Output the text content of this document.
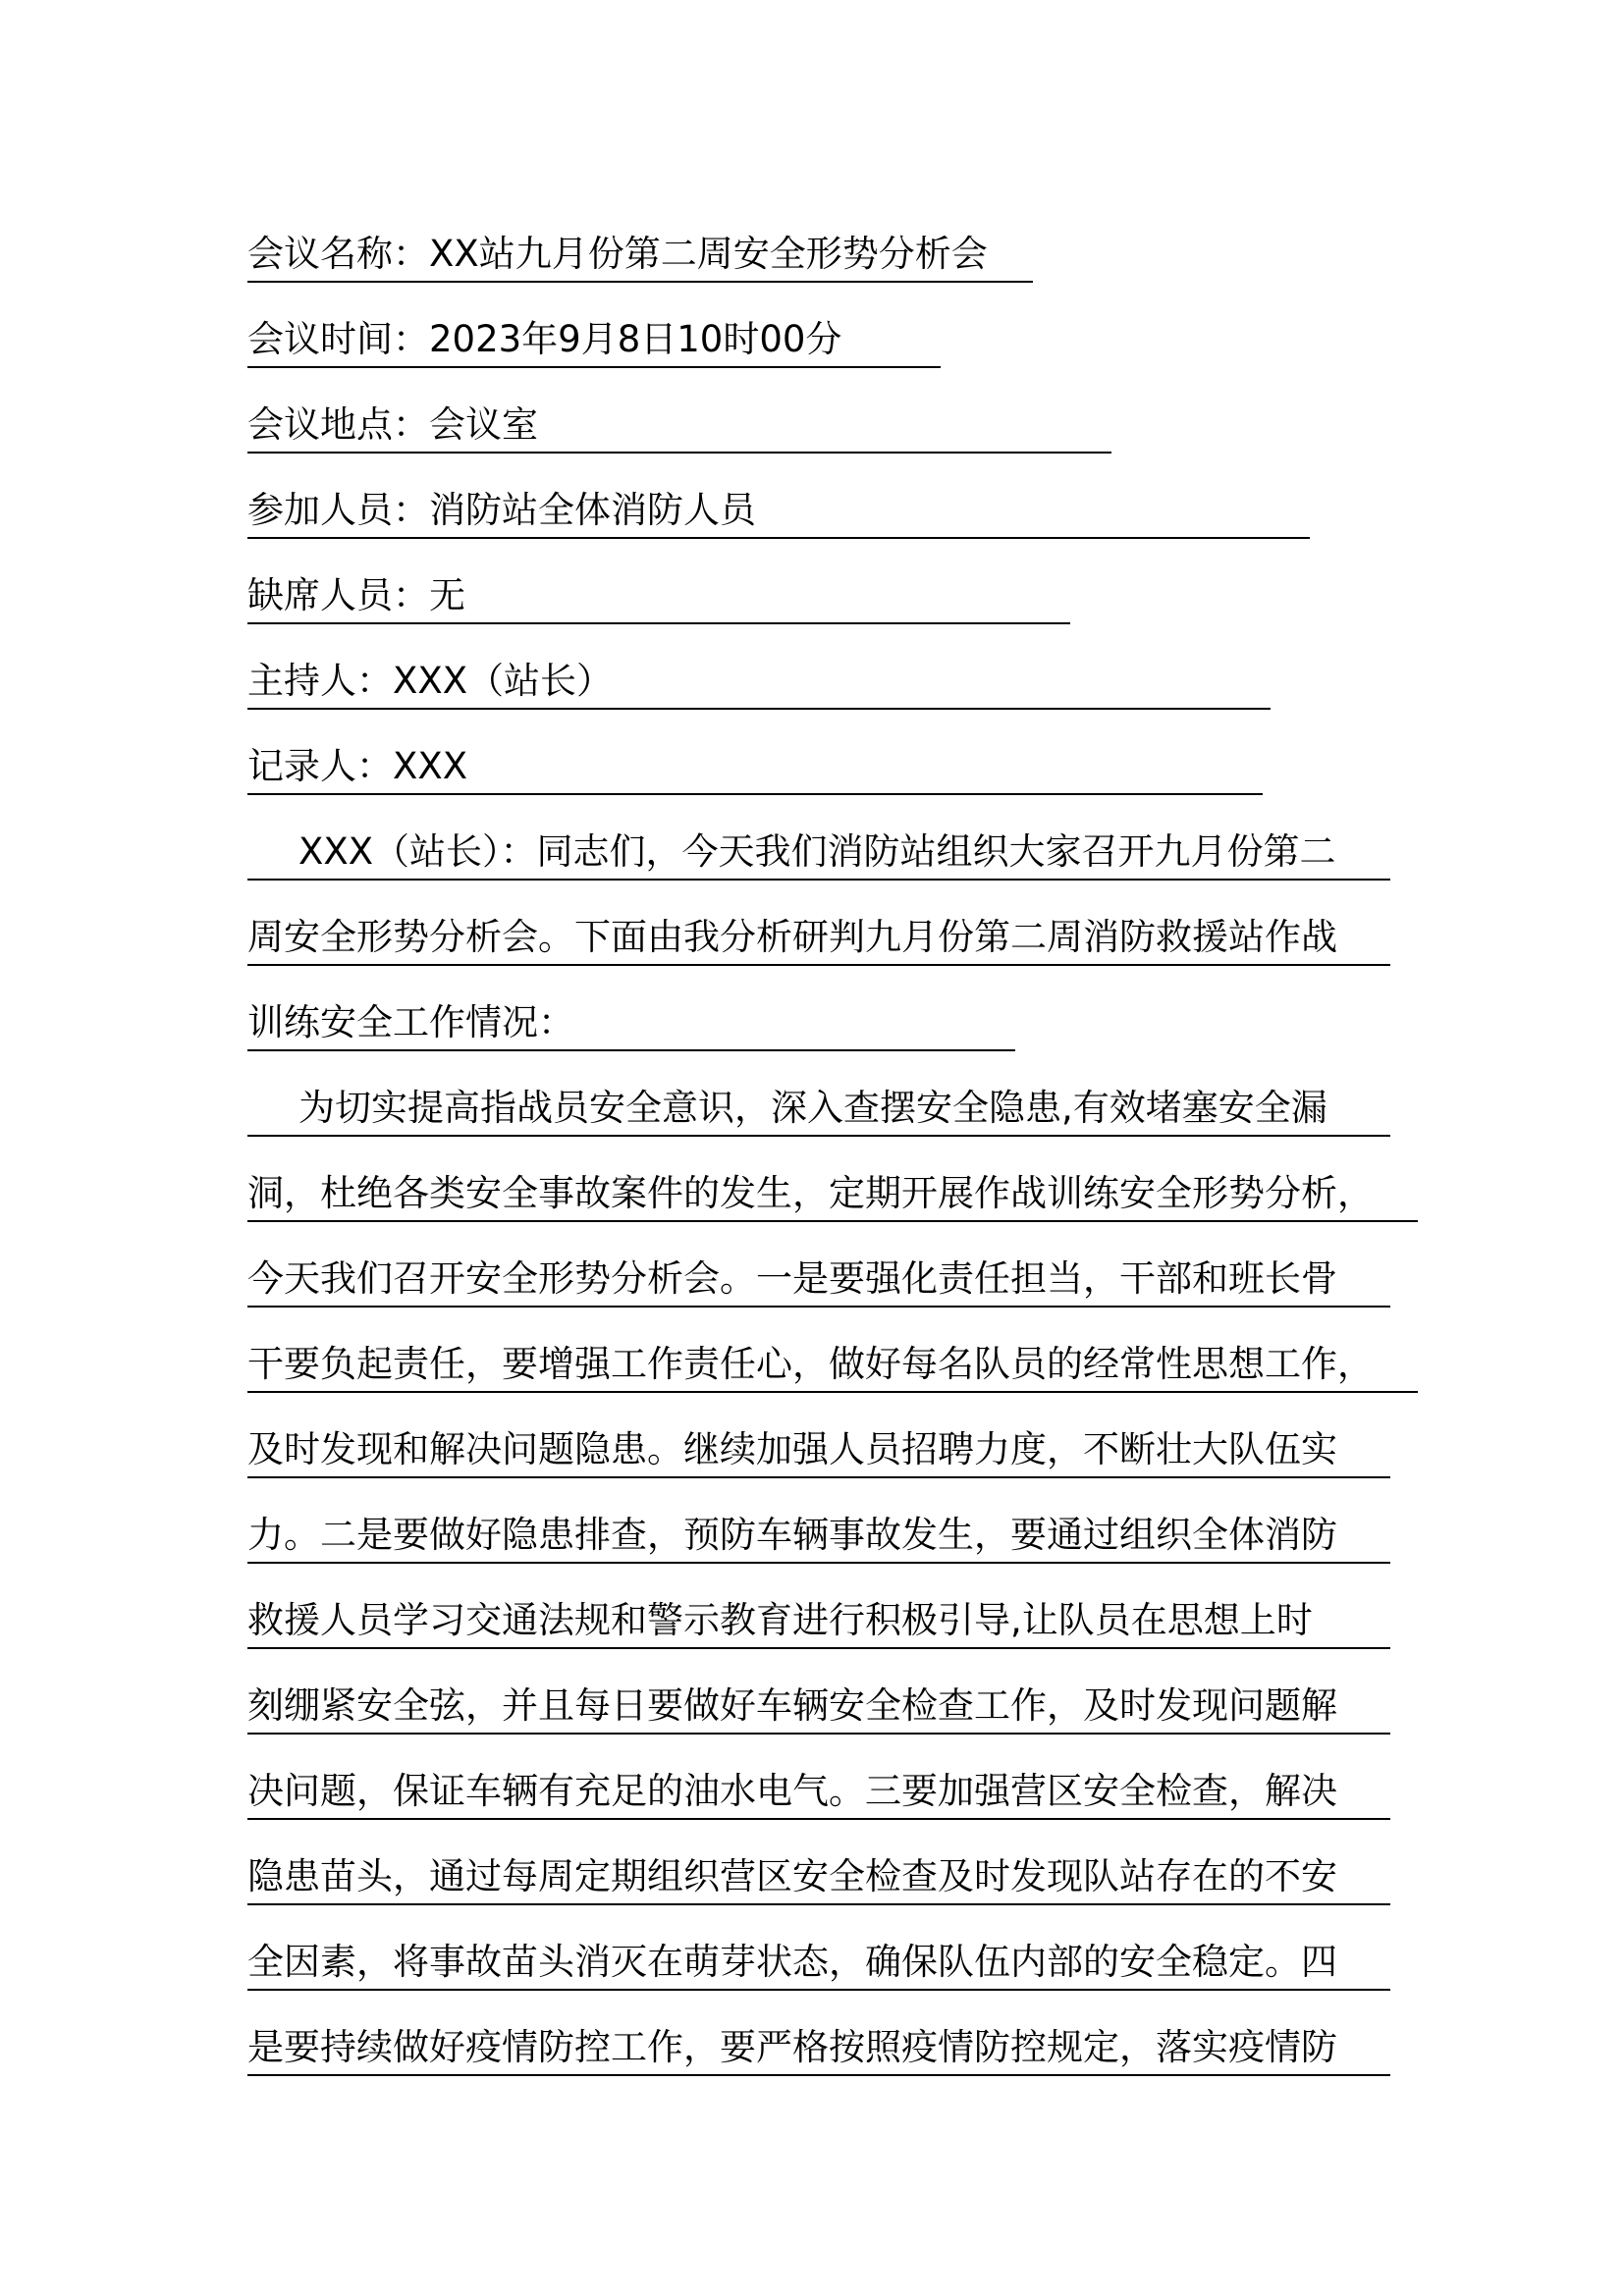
会议名称：XX站九月份第二周安全形势分析会
会议时间：2023年9月8日10时00分
会议地点：会议室
参加人员：消防站全体消防人员
缺席人员：无
主持人：XXX（站长）
记录人：XXX
XXX（站长）：同志们，今天我们消防站组织大家召开九月份第二
周安全形势分析会。下面由我分析研判九月份第二周消防救援站作战
训练安全工作情况：
为切实提高指战员安全意识，深入查摆安全隐患,有效堵塞安全漏
洞，杜绝各类安全事故案件的发生，定期开展作战训练安全形势分析，
今天我们召开安全形势分析会。一是要强化责任担当，干部和班长骨
干要负起责任，要增强工作责任心，做好每名队员的经常性思想工作，
及时发现和解决问题隐患。继续加强人员招聘力度，不断壮大队伍实
力。二是要做好隐患排查，预防车辆事故发生，要通过组织全体消防
救援人员学习交通法规和警示教育进行积极引导,让队员在思想上时
刻绷紧安全弦，并且每日要做好车辆安全检查工作，及时发现问题解
决问题，保证车辆有充足的油水电气。三要加强营区安全检查，解决
隐患苗头，通过每周定期组织营区安全检查及时发现队站存在的不安
全因素，将事故苗头消灭在萌芽状态，确保队伍内部的安全稳定。四
是要持续做好疫情防控工作，要严格按照疫情防控规定，落实疫情防
